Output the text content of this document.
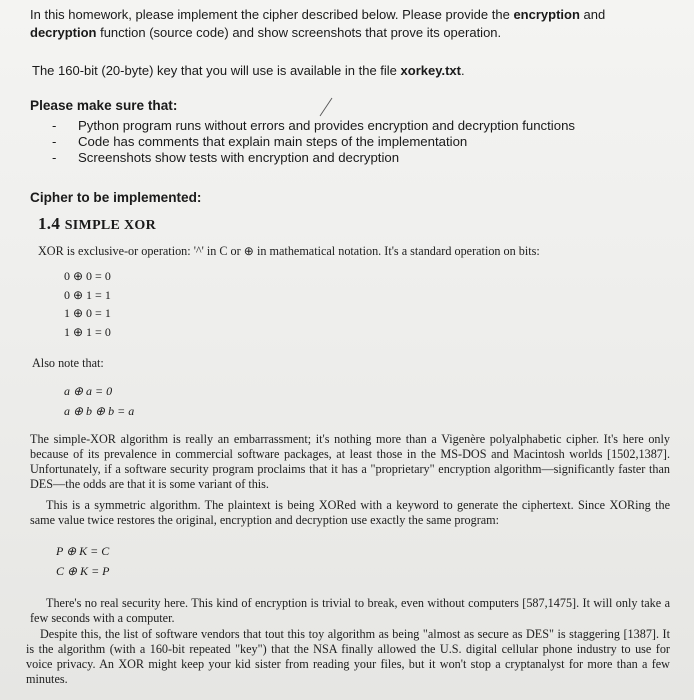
In this homework, please implement the cipher described below. Please provide the encryption and
decryption function (source code) and show screenshots that prove its operation.
The 160-bit (20-byte) key that you will use is available in the file xorkey.txt.
Please make sure that:
- Python program runs without errors and provides encryption and decryption functions
- Code has comments that explain main steps of the implementation
- Screenshots show tests with encryption and decryption
Cipher to be implemented:
1.4 SIMPLE XOR
XOR is exclusive-or operation: '^' in C or ⊕ in mathematical notation. It's a standard operation on bits:
0 ⊕ 0 = 0
0 ⊕ 1 = 1
1 ⊕ 0 = 1
1 ⊕ 1 = 0
Also note that:
a ⊕ a = 0
a ⊕ b ⊕ b = a
The simple-XOR algorithm is really an embarrassment; it's nothing more than a Vigenère polyalphabetic cipher. It's here only because of its prevalence in commercial software packages, at least those in the MS-DOS and Macintosh worlds [1502,1387]. Unfortunately, if a software security program proclaims that it has a "proprietary" encryption algorithm—significantly faster than DES—the odds are that it is some variant of this.
This is a symmetric algorithm. The plaintext is being XORed with a keyword to generate the ciphertext. Since XORing the same value twice restores the original, encryption and decryption use exactly the same program:
P ⊕ K = C
C ⊕ K = P
There's no real security here. This kind of encryption is trivial to break, even without computers [587,1475]. It will only take a few seconds with a computer.
Despite this, the list of software vendors that tout this toy algorithm as being "almost as secure as DES" is staggering [1387]. It is the algorithm (with a 160-bit repeated "key") that the NSA finally allowed the U.S. digital cellular phone industry to use for voice privacy. An XOR might keep your kid sister from reading your files, but it won't stop a cryptanalyst for more than a few minutes.
